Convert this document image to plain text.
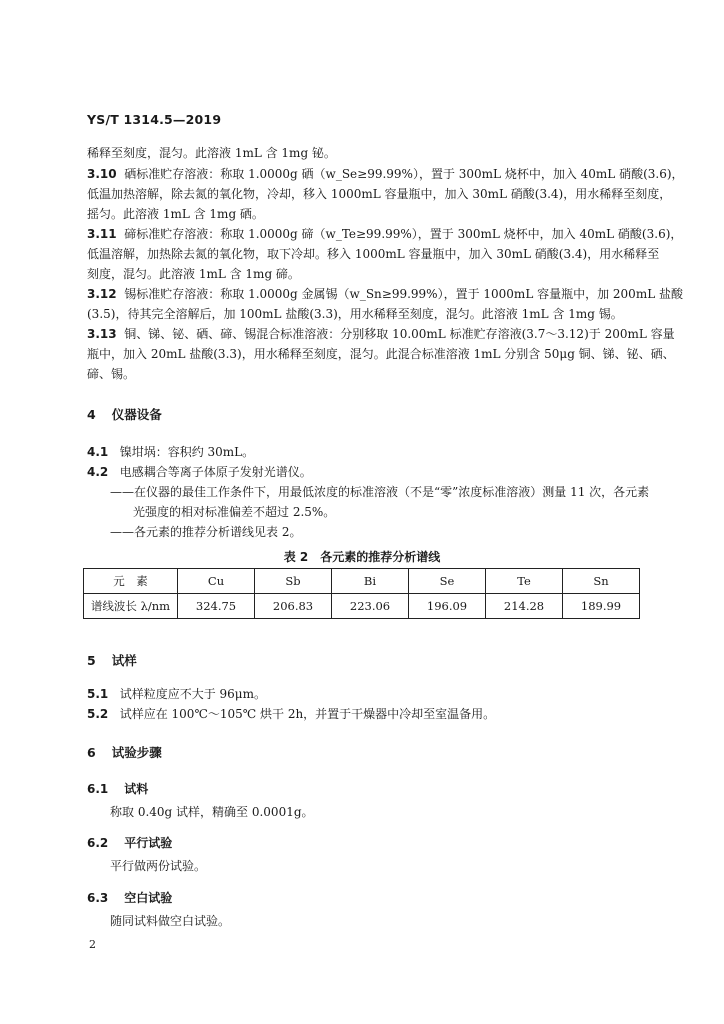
YS/T 1314.5—2019
稀释至刻度，混匀。此溶液 1mL 含 1mg 铋。
3.10 硒标准贮存溶液：称取 1.0000g 硒（w_Se≥99.99%），置于 300mL 烧杯中，加入 40mL 硝酸(3.6)，
低温加热溶解，除去氮的氧化物，冷却，移入 1000mL 容量瓶中，加入 30mL 硝酸(3.4)，用水稀释至刻度，
摇匀。此溶液 1mL 含 1mg 硒。
3.11 碲标准贮存溶液：称取 1.0000g 碲（w_Te≥99.99%），置于 300mL 烧杯中，加入 40mL 硝酸(3.6)，
低温溶解，加热除去氮的氧化物，取下冷却。移入 1000mL 容量瓶中，加入 30mL 硝酸(3.4)，用水稀释至
刻度，混匀。此溶液 1mL 含 1mg 碲。
3.12 锡标准贮存溶液：称取 1.0000g 金属锡（w_Sn≥99.99%），置于 1000mL 容量瓶中，加 200mL 盐酸
(3.5)，待其完全溶解后，加 100mL 盐酸(3.3)，用水稀释至刻度，混匀。此溶液 1mL 含 1mg 锡。
3.13 铜、锑、铋、硒、碲、锡混合标准溶液：分别移取 10.00mL 标准贮存溶液(3.7～3.12)于 200mL 容量
瓶中，加入 20mL 盐酸(3.3)，用水稀释至刻度，混匀。此混合标准溶液 1mL 分别含 50μg 铜、锑、铋、硒、
碲、锡。
4 仪器设备
4.1 镍坩埚：容积约 30mL。
4.2 电感耦合等离子体原子发射光谱仪。
——在仪器的最佳工作条件下，用最低浓度的标准溶液（不是“零”浓度标准溶液）测量 11 次，各元素
光强度的相对标准偏差不超过 2.5%。
——各元素的推荐分析谱线见表 2。
表 2　各元素的推荐分析谱线
元　素	Cu	Sb	Bi	Se	Te	Sn
谱线波长 λ/nm	324.75	206.83	223.06	196.09	214.28	189.99
5 试样
5.1 试样粒度应不大于 96μm。
5.2 试样应在 100℃～105℃ 烘干 2h，并置于干燥器中冷却至室温备用。
6 试验步骤
6.1 试料
称取 0.40g 试样，精确至 0.0001g。
6.2 平行试验
平行做两份试验。
6.3 空白试验
随同试料做空白试验。
2
